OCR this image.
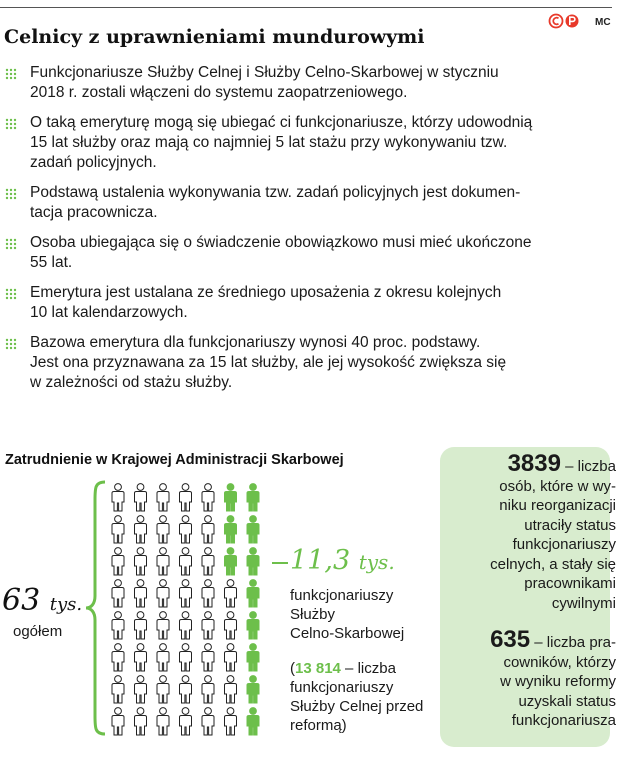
MC
Celnicy z uprawnieniami mundurowymi
Funkcjonariusze Służby Celnej i Służby Celno-Skarbowej w styczniu
2018 r. zostali włączeni do systemu zaopatrzeniowego.
O taką emeryturę mogą się ubiegać ci funkcjonariusze, którzy udowodnią
15 lat służby oraz mają co najmniej 5 lat stażu przy wykonywaniu tzw.
zadań policyjnych.
Podstawą ustalenia wykonywania tzw. zadań policyjnych jest dokumen-
tacja pracownicza.
Osoba ubiegająca się o świadczenie obowiązkowo musi mieć ukończone
55 lat.
Emerytura jest ustalana ze średniego uposażenia z okresu kolejnych
10 lat kalendarzowych.
Bazowa emerytura dla funkcjonariuszy wynosi 40 proc. podstawy.
Jest ona przyznawana za 15 lat służby, ale jej wysokość zwiększa się
w zależności od stażu służby.
Zatrudnienie w Krajowej Administracji Skarbowej
63 tys.
ogółem
11,3 tys.
funkcjonariuszy
Służby
Celno-Skarbowej
(13 814 – liczba funkcjonariuszy Służby Celnej przed reformą)
3839 – liczba
osób, które w wy-
niku reorganizacji
utraciły status
funkcjonariuszy
celnych, a stały się
pracownikami
cywilnymi
635 – liczba pra-
cowników, którzy
w wyniku reformy
uzyskali status
funkcjonariusza
